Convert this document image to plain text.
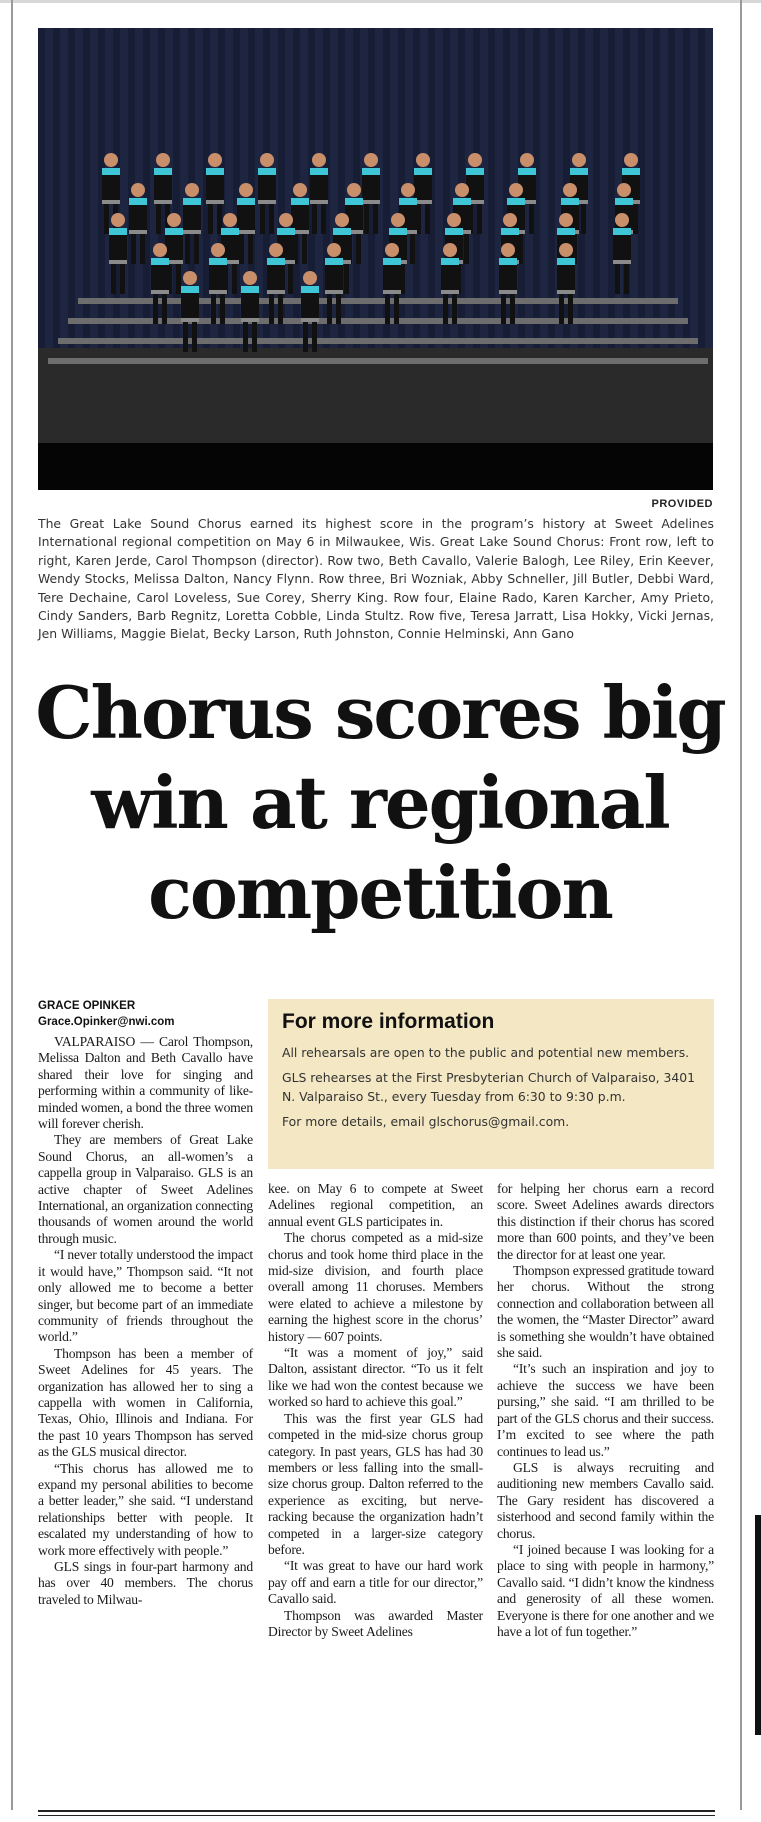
PROVIDED
The Great Lake Sound Chorus earned its highest score in the program’s history at Sweet Adelines International regional competition on May 6 in Milwaukee, Wis. Great Lake Sound Chorus: Front row, left to right, Karen Jerde, Carol Thompson (director). Row two, Beth Cavallo, Valerie Balogh, Lee Riley, Erin Keever, Wendy Stocks, Melissa Dalton, Nancy Flynn. Row three, Bri Wozniak, Abby Schneller, Jill Butler, Debbi Ward, Tere Dechaine, Carol Loveless, Sue Corey, Sherry King. Row four, Elaine Rado, Karen Karcher, Amy Prieto, Cindy Sanders, Barb Regnitz, Loretta Cobble, Linda Stultz. Row five, Teresa Jarratt, Lisa Hokky, Vicki Jernas, Jen Williams, Maggie Bielat, Becky Larson, Ruth Johnston, Connie Helminski, Ann Gano
Chorus scores big
win at regional
competition
GRACE OPINKER
Grace.Opinker@nwi.com	For more information

All rehearsals are open to the public and potential new members.

GLS rehearses at the First Presbyterian Church of Valparaiso, 3401 N. Valparaiso St., every Tuesday from 6:30 to 9:30 p.m.

For more details, email glschorus@gmail.com.

VALPARAISO — Carol Thompson, Melissa Dalton and Beth Cavallo have shared their love for singing and performing within a community of like-minded women, a bond the three women will forever cherish.

They are members of Great Lake Sound Chorus, an all-women’s a cappella group in Valparaiso. GLS is an active chapter of Sweet Adelines International, an organization connecting thousands of women around the world through music.

“I never totally understood the impact it would have,” Thompson said. “It not only allowed me to become a better singer, but become part of an immediate community of friends throughout the world.”

Thompson has been a member of Sweet Adelines for 45 years. The organization has allowed her to sing a cappella with women in California, Texas, Ohio, Illinois and Indiana. For the past 10 years Thompson has served as the GLS musical director.

“This chorus has allowed me to expand my personal abilities to become a better leader,” she said. “I understand relationships better with people. It escalated my understanding of how to work more effectively with people.”

GLS sings in four-part harmony and has over 40 members. The chorus traveled to Milwau-

kee. on May 6 to compete at Sweet Adelines regional competition, an annual event GLS participates in.

The chorus competed as a mid-size chorus and took home third place in the mid-size division, and fourth place overall among 11 choruses. Members were elated to achieve a milestone by earning the highest score in the chorus’ history — 607 points.

“It was a moment of joy,” said Dalton, assistant director. “To us it felt like we had won the contest because we worked so hard to achieve this goal.”

This was the first year GLS had competed in the mid-size chorus group category. In past years, GLS has had 30 members or less falling into the small-size chorus group. Dalton referred to the experience as exciting, but nerve-racking because the organization hadn’t competed in a larger-size category before.

“It was great to have our hard work pay off and earn a title for our director,” Cavallo said.

Thompson was awarded Master Director by Sweet Adelines

for helping her chorus earn a record score. Sweet Adelines awards directors this distinction if their chorus has scored more than 600 points, and they’ve been the director for at least one year.

Thompson expressed gratitude toward her chorus. Without the strong connection and collaboration between all the women, the “Master Director” award is something she wouldn’t have obtained she said.

“It’s such an inspiration and joy to achieve the success we have been pursing,” she said. “I am thrilled to be part of the GLS chorus and their success. I’m excited to see where the path continues to lead us.”

GLS is always recruiting and auditioning new members Cavallo said. The Gary resident has discovered a sisterhood and second family within the chorus.

“I joined because I was looking for a place to sing with people in harmony,” Cavallo said. “I didn’t know the kindness and generosity of all these women. Everyone is there for one another and we have a lot of fun together.”
